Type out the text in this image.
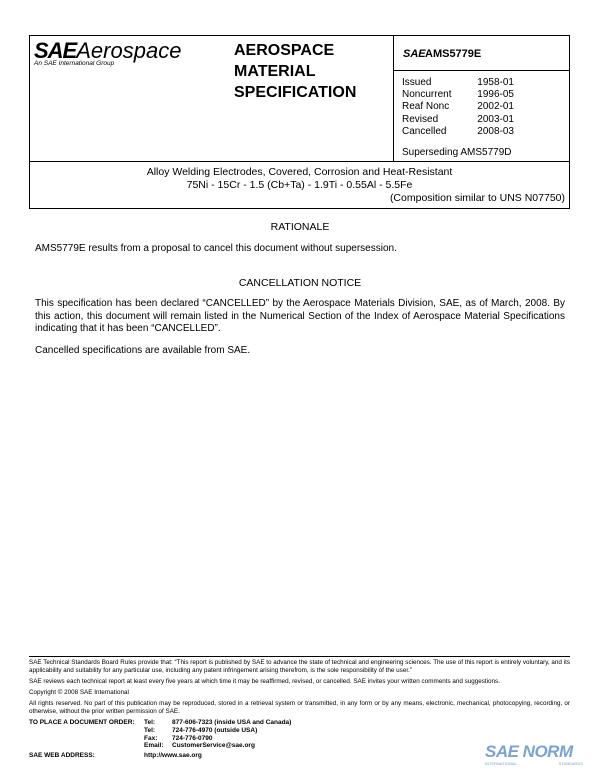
SAEAerospace
An SAE International Group
AEROSPACE
MATERIAL
SPECIFICATION
SAE AMS5779E
Issued	1958-01
Noncurrent	1996-05
Reaf Nonc	2002-01
Revised	2003-01
Cancelled	2008-03
Superseding AMS5779D
Alloy Welding Electrodes, Covered, Corrosion and Heat-Resistant
75Ni - 15Cr - 1.5 (Cb+Ta) - 1.9Ti - 0.55Al - 5.5Fe
(Composition similar to UNS N07750)
RATIONALE
AMS5779E results from a proposal to cancel this document without supersession.
CANCELLATION NOTICE
This specification has been declared “CANCELLED” by the Aerospace Materials Division, SAE, as of March, 2008. By this action, this document will remain listed in the Numerical Section of the Index of Aerospace Material Specifications indicating that it has been “CANCELLED”.
Cancelled specifications are available from SAE.
SAE Technical Standards Board Rules provide that: “This report is published by SAE to advance the state of technical and engineering sciences. The use of this report is entirely voluntary, and its applicability and suitability for any particular use, including any patent infringement arising therefrom, is the sole responsibility of the user.”
SAE reviews each technical report at least every five years at which time it may be reaffirmed, revised, or cancelled. SAE invites your written comments and suggestions.
Copyright © 2008 SAE International
All rights reserved. No part of this publication may be reproduced, stored in a retrieval system or transmitted, in any form or by any means, electronic, mechanical, photocopying, recording, or otherwise, without the prior written permission of SAE.
TO PLACE A DOCUMENT ORDER: Tel:	877-606-7323 (inside USA and Canada)
Tel:	724-776-4970 (outside USA)
Fax: 724-776-0790
Email: CustomerService@sae.org
SAE WEB ADDRESS:	http://www.sae.org	SAE NORM
INTERNATIONAL	STANDARDS
